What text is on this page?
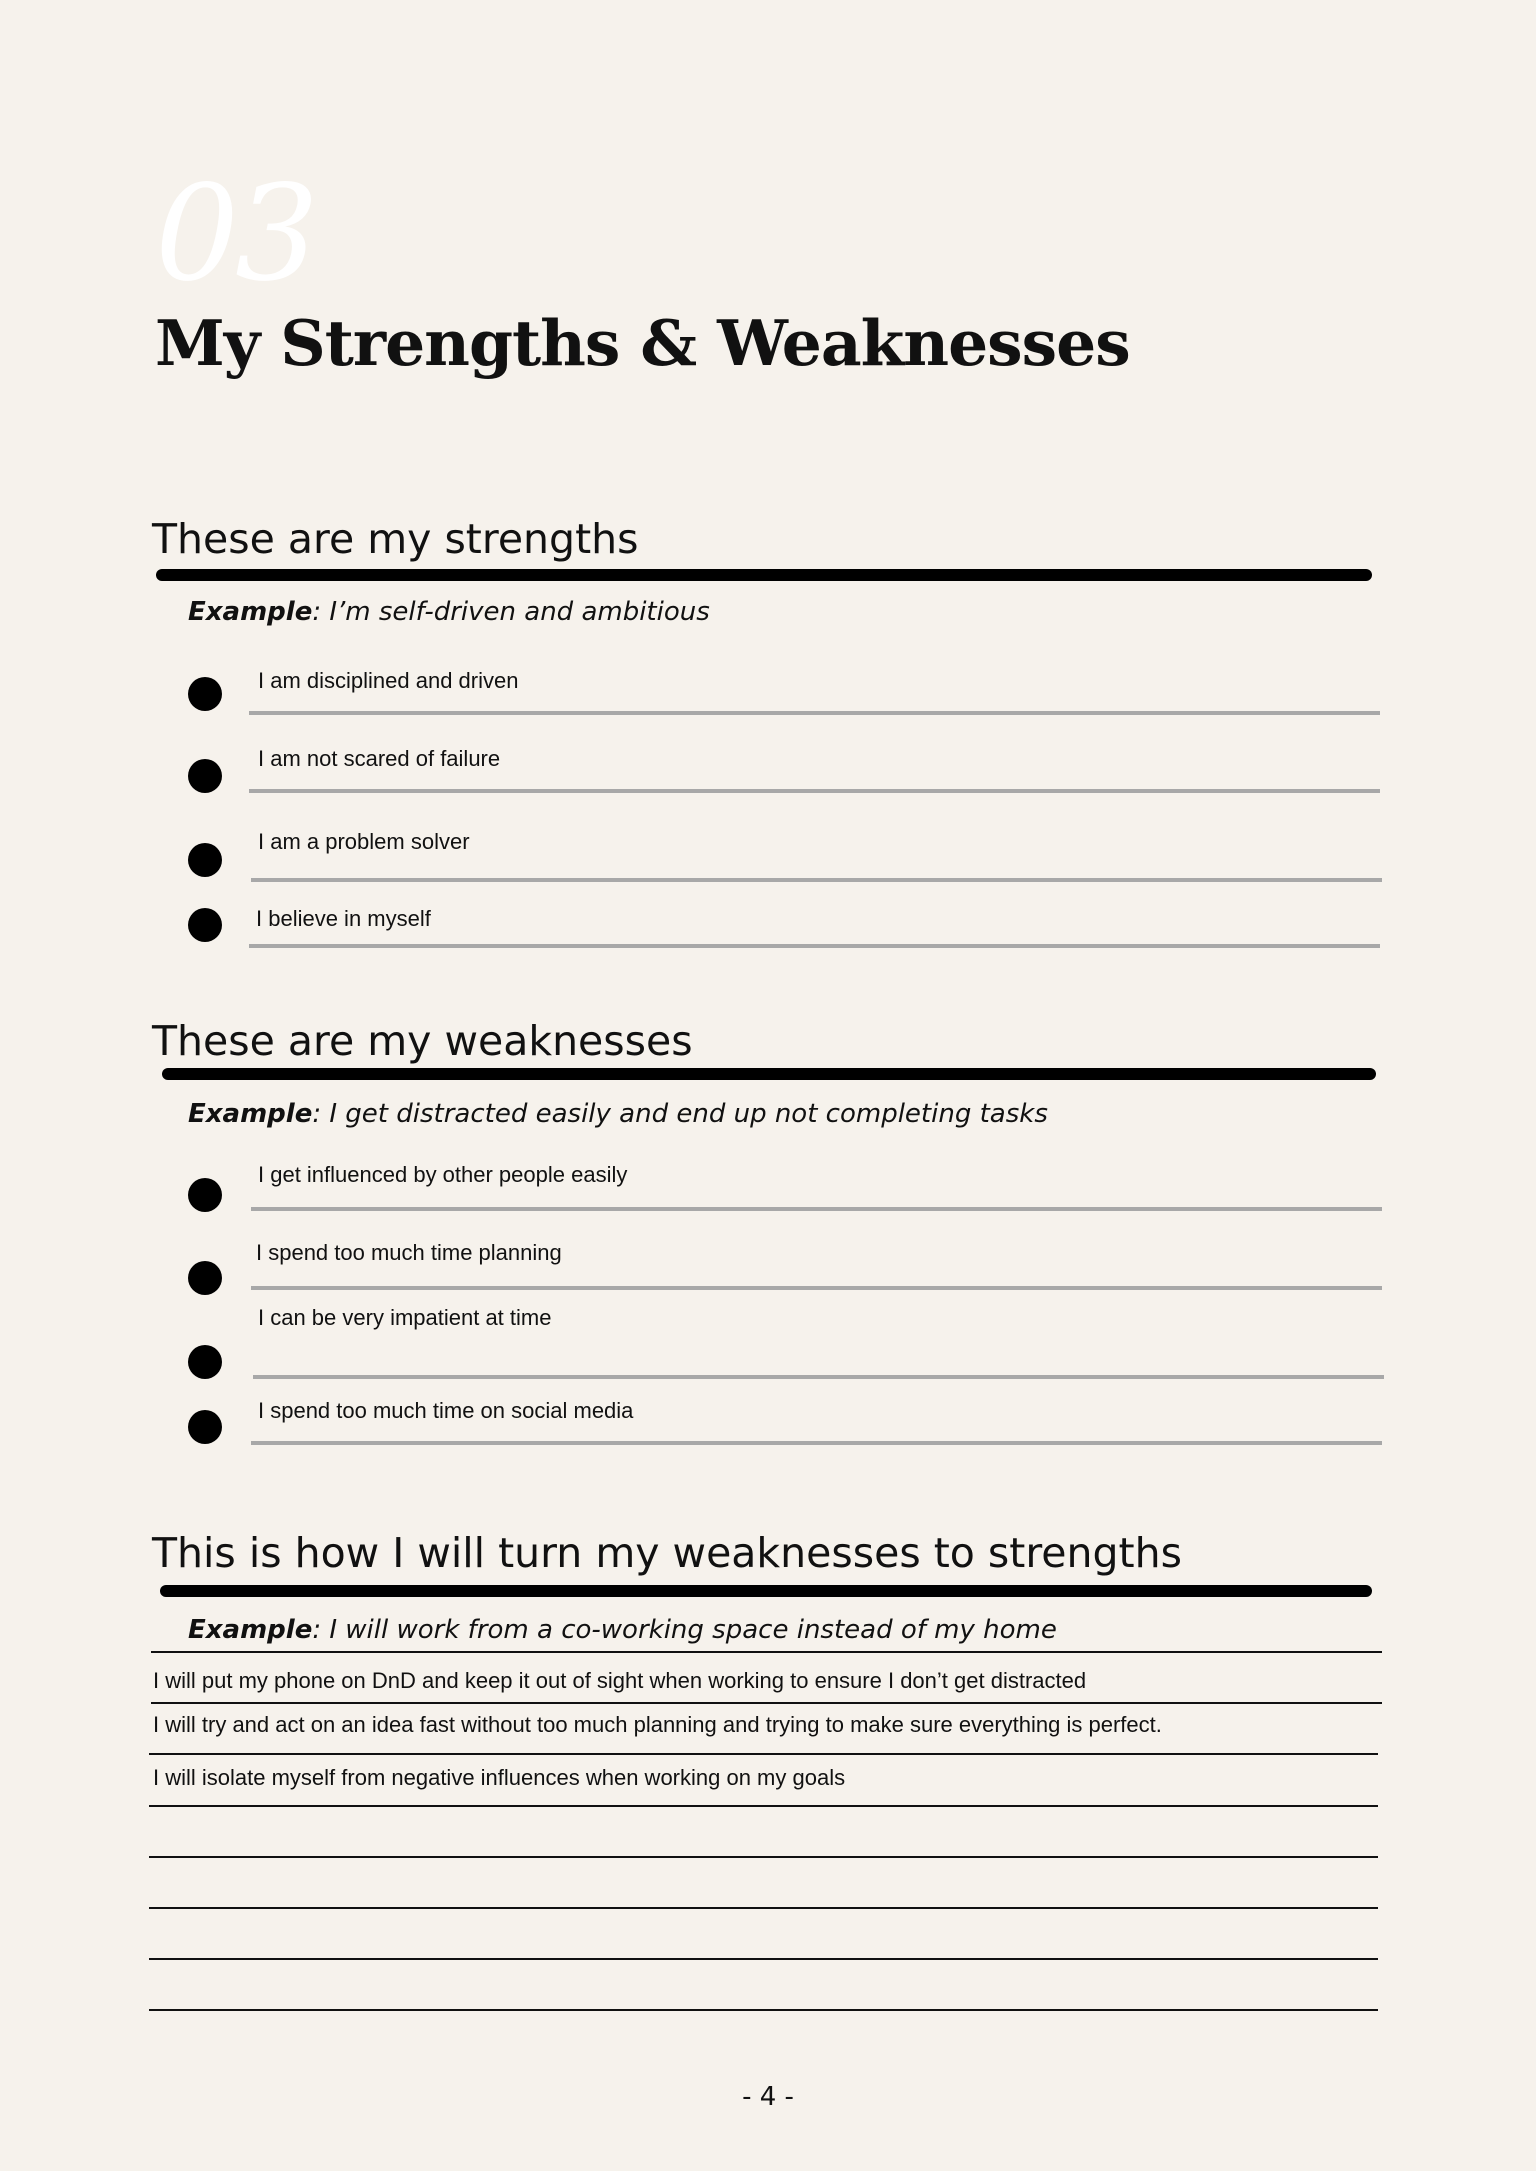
03
My Strengths & Weaknesses
These are my strengths
Example: I’m self-driven and ambitious
I am disciplined and driven
I am not scared of failure
I am a problem solver
I believe in myself
These are my weaknesses
Example: I get distracted easily and end up not completing tasks
I get influenced by other people easily
I spend too much time planning
I can be very impatient at time
I spend too much time on social media
This is how I will turn my weaknesses to strengths
Example: I will work from a co-working space instead of my home
I will put my phone on DnD and keep it out of sight when working to ensure I don’t get distracted
I will try and act on an idea fast without too much planning and trying to make sure everything is perfect.
I will isolate myself from negative influences when working on my goals
- 4 -
